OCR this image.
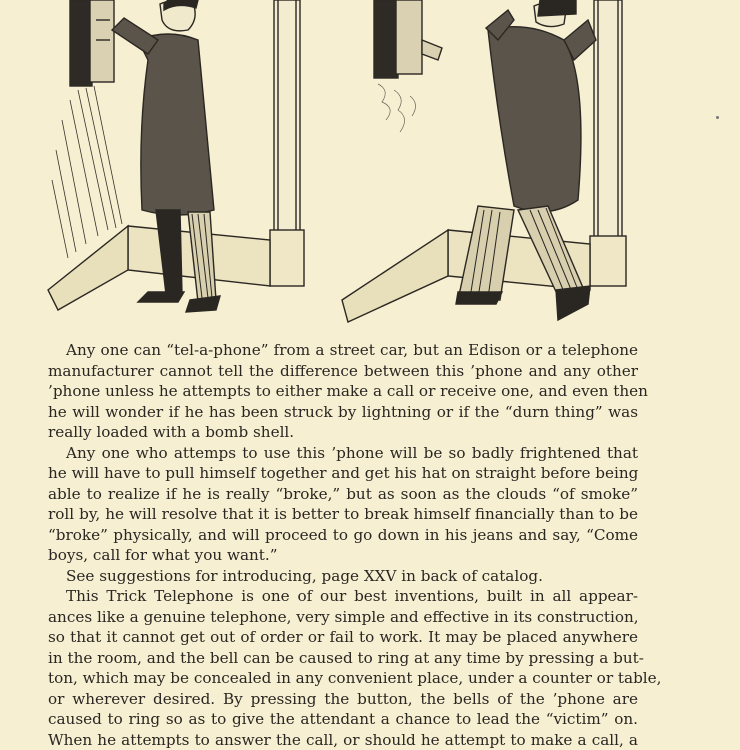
Any one can “tel-a-phone” from a street car, but an Edison or a telephone
manufacturer cannot tell the difference between this ’phone and any other
’phone unless he attempts to either make a call or receive one, and even then
he will wonder if he has been struck by lightning or if the “durn thing” was
really loaded with a bomb shell.

Any one who attemps to use this ’phone will be so badly frightened that
he will have to pull himself together and get his hat on straight before being
able to realize if he is really “broke,” but as soon as the clouds “of smoke”
roll by, he will resolve that it is better to break himself financially than to be
“broke” physically, and will proceed to go down in his jeans and say, “Come
boys, call for what you want.”

See suggestions for introducing, page XXV in back of catalog.

This Trick Telephone is one of our best inventions, built in all appear-
ances like a genuine telephone, very simple and effective in its construction,
so that it cannot get out of order or fail to work. It may be placed anywhere
in the room, and the bell can be caused to ring at any time by pressing a but-
ton, which may be concealed in any convenient place, under a counter or table,
or wherever desired. By pressing the button, the bells of the ’phone are
caused to ring so as to give the attendant a chance to lead the “victim” on.
When he attempts to answer the call, or should he attempt to make a call, a
